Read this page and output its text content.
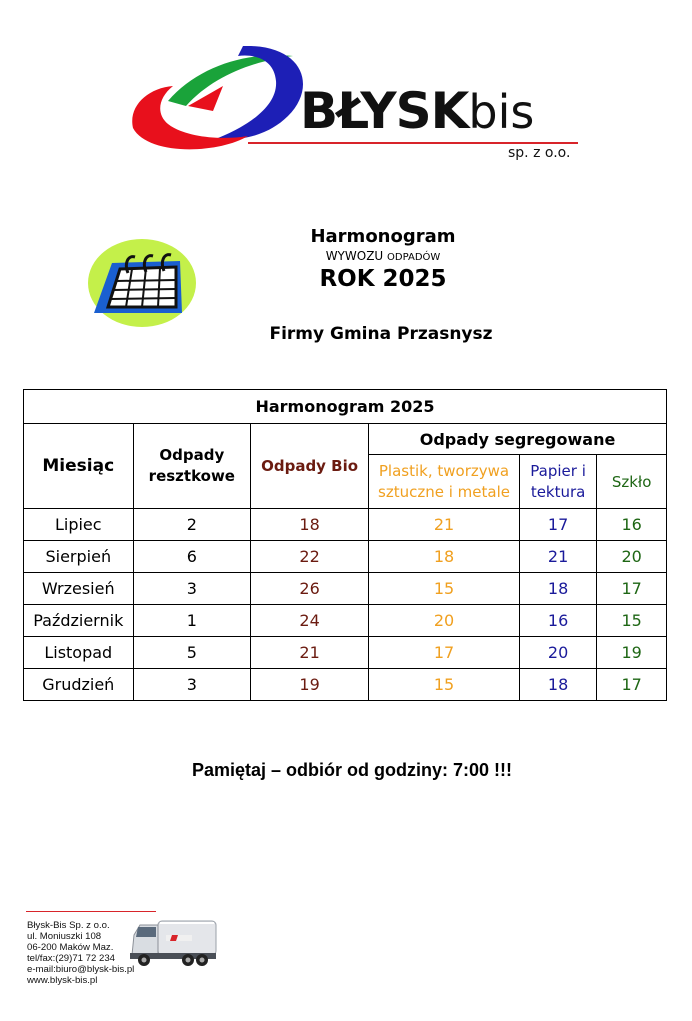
BŁYSKbis
sp. z o.o.
Harmonogram
WYWOZU ODPADÓW
ROK 2025
Firmy Gmina Przasnysz
Harmonogram 2025					
Miesiąc	Odpady resztkowe	Odpady Bio	Odpady segregowane		
			Plastik, tworzywa sztuczne i metale	Papier i tektura	Szkło
Lipiec	2	18	21	17	16
Sierpień	6	22	18	21	20
Wrzesień	3	26	15	18	17
Październik	1	24	20	16	15
Listopad	5	21	17	20	19
Grudzień	3	19	15	18	17
Pamiętaj – odbiór od godziny: 7:00 !!!
Błysk-Bis Sp. z o.o.
ul. Moniuszki 108
06-200 Maków Maz.
tel/fax:(29)71 72 234
e-mail:biuro@blysk-bis.pl
www.blysk-bis.pl
